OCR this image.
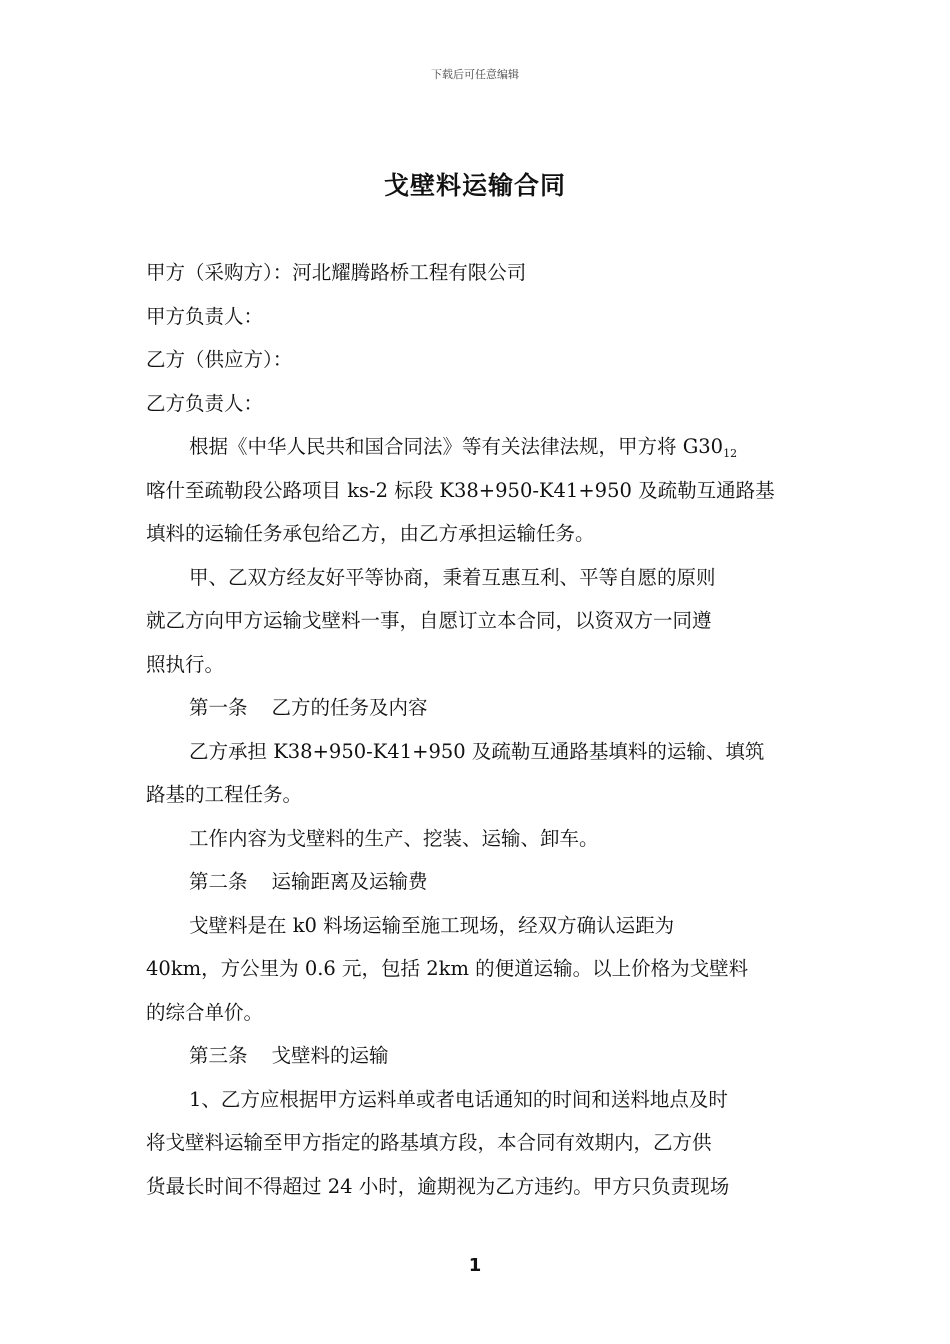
下载后可任意编辑
戈壁料运输合同
甲方（采购方）：河北耀腾路桥工程有限公司
甲方负责人：
乙方（供应方）：
乙方负责人：
根据《中华人民共和国合同法》等有关法律法规，甲方将 $G30_{12}$
喀什至疏勒段公路项目 ks-2 标段 K38+950-K41+950 及疏勒互通路基
填料的运输任务承包给乙方，由乙方承担运输任务。
甲、乙双方经友好平等协商，秉着互惠互利、平等自愿的原则
就乙方向甲方运输戈壁料一事，自愿订立本合同，以资双方一同遵
照执行。
第一条 乙方的任务及内容
乙方承担 K38+950-K41+950 及疏勒互通路基填料的运输、填筑
路基的工程任务。
工作内容为戈壁料的生产、挖装、运输、卸车。
第二条 运输距离及运输费
戈壁料是在 k0 料场运输至施工现场，经双方确认运距为
40km，方公里为 0.6 元，包括 2km 的便道运输。以上价格为戈壁料
的综合单价。
第三条 戈壁料的运输
1、乙方应根据甲方运料单或者电话通知的时间和送料地点及时
将戈壁料运输至甲方指定的路基填方段，本合同有效期内，乙方供
货最长时间不得超过 24 小时，逾期视为乙方违约。甲方只负责现场
1
